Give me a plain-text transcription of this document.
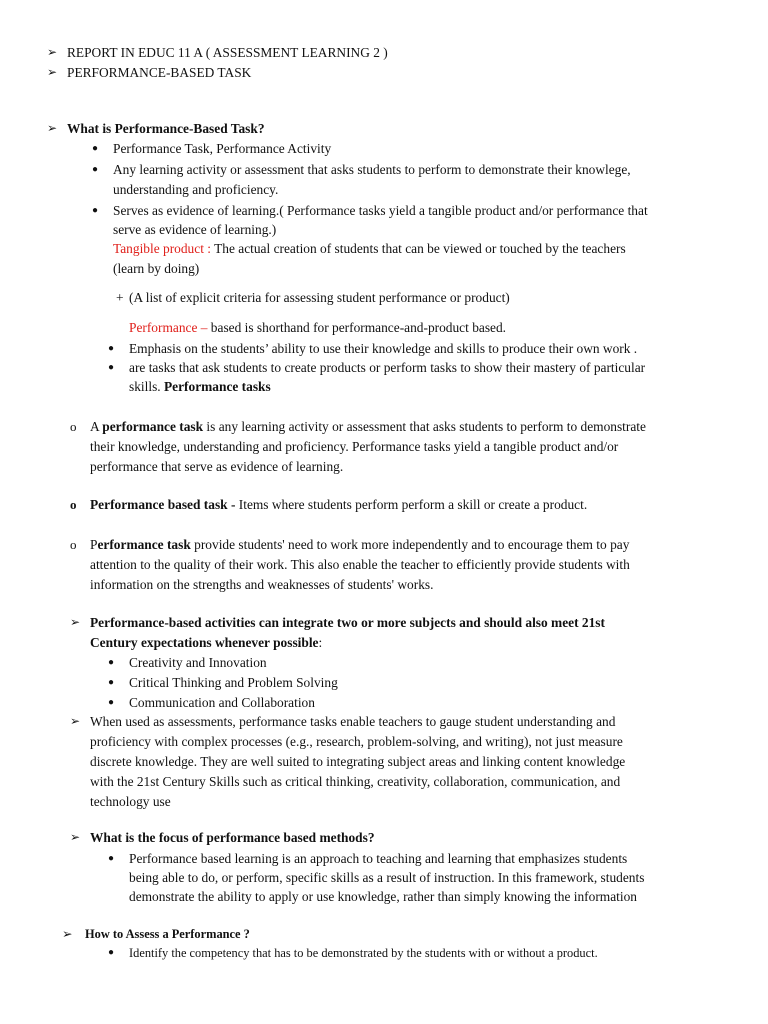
➢ REPORT IN EDUC 11 A ( ASSESSMENT LEARNING 2 )
➢ PERFORMANCE-BASED TASK
➢ What is Performance-Based Task?
● Performance Task, Performance Activity
● Any learning activity or assessment that asks students to perform to demonstrate their knowlege,
understanding and proficiency.
● Serves as evidence of learning.( Performance tasks yield a tangible product and/or performance that
serve as evidence of learning.)
Tangible product : The actual creation of students that can be viewed or touched by the teachers
(learn by doing)
+ (A list of explicit criteria for assessing student performance or product)
Performance – based is shorthand for performance-and-product based.
● Emphasis on the students’ ability to use their knowledge and skills to produce their own work .
● are tasks that ask students to create products or perform tasks to show their mastery of particular
skills. Performance tasks
o A performance task is any learning activity or assessment that asks students to perform to demonstrate
their knowledge, understanding and proficiency. Performance tasks yield a tangible product and/or
performance that serve as evidence of learning.
o Performance based task - Items where students perform perform a skill or create a product.
o Performance task provide students' need to work more independently and to encourage them to pay
attention to the quality of their work. This also enable the teacher to efficiently provide students with
information on the strengths and weaknesses of students' works.
➢ Performance-based activities can integrate two or more subjects and should also meet 21st
Century expectations whenever possible:
● Creativity and Innovation
● Critical Thinking and Problem Solving
● Communication and Collaboration
➢ When used as assessments, performance tasks enable teachers to gauge student understanding and
proficiency with complex processes (e.g., research, problem-solving, and writing), not just measure
discrete knowledge. They are well suited to integrating subject areas and linking content knowledge
with the 21st Century Skills such as critical thinking, creativity, collaboration, communication, and
technology use
➢ What is the focus of performance based methods?
● Performance based learning is an approach to teaching and learning that emphasizes students
being able to do, or perform, specific skills as a result of instruction. In this framework, students
demonstrate the ability to apply or use knowledge, rather than simply knowing the information
➢ How to Assess a Performance ?
● Identify the competency that has to be demonstrated by the students with or without a product.
